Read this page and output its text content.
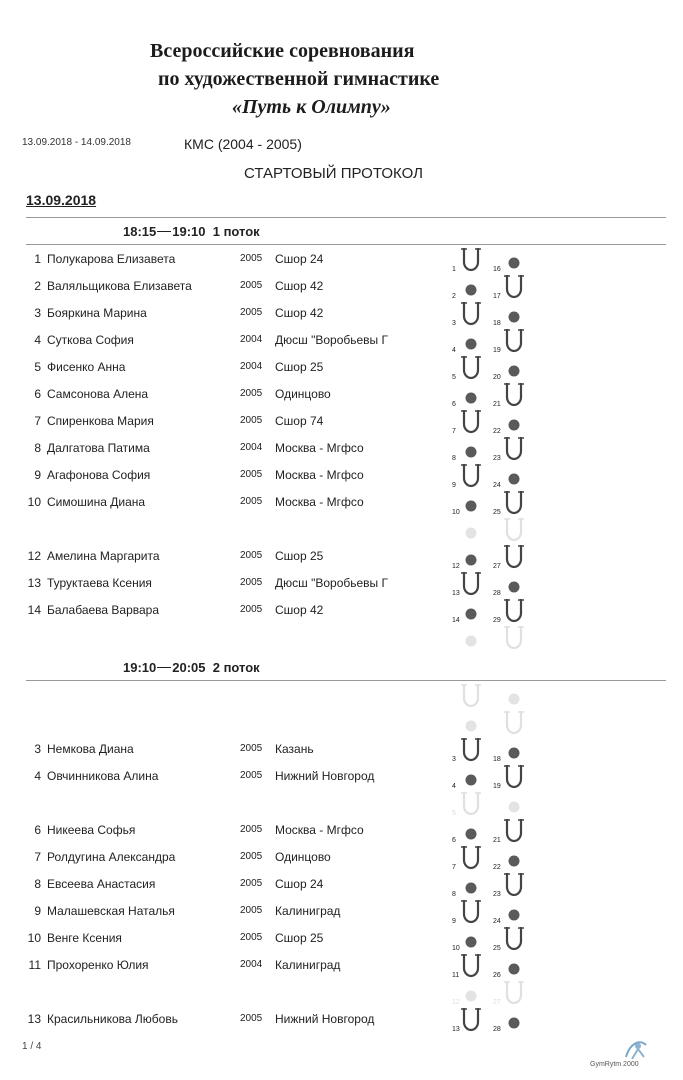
Всероссийские соревнования
по художественной гимнастике
«Путь к Олимпу»
13.09.2018 - 14.09.2018	КМС (2004 - 2005)
СТАРТОВЫЙ ПРОТОКОЛ
13.09.2018
18:15 19:10 1 поток
19:10 20:05 2 поток
1 Полукарова Елизавета	2005 Сшор 24
1	16
2 Валяльщикова Елизавета	2005 Сшор 42
2	17
3 Бояркина Марина	2005 Сшор 42
3	18
4 Суткова София	2004 Дюсш "Воробьевы Г
4	19
5 Фисенко Анна	2004 Сшор 25
5	20
6 Самсонова Алена	2005 Одинцово
6	21
7 Спиренкова Мария	2005 Сшор 74
7	22
8 Далгатова Патима	2004 Москва - Мгфсо
8	23
9 Агафонова София	2005 Москва - Мгфсо
9	24
10 Симошина Диана	2005 Москва - Мгфсо
10	25
12 Амелина Маргарита	2005 Сшор 25
12	27
13 Туруктаева Ксения	2005 Дюсш "Воробьевы Г
13	28
14 Балабаева Варвара	2005 Сшор 42
14	29
3 Немкова Диана	2005 Казань
3	18
4 Овчинникова Алина	2005 Нижний Новгород
4	19
5
6 Никеева Софья	2005 Москва - Мгфсо
6	21
7 Ролдугина Александра	2005 Одинцово
7	22
8 Евсеева Анастасия	2005 Сшор 24
8	23
9 Малашевская Наталья	2005 Калиниград
9	24
10 Венге Ксения	2005 Сшор 25
10	25
11 Прохоренко Юлия	2004 Калиниград
11	26
12	27
13 Красильникова Любовь	2005 Нижний Новгород
13	28
1 / 4
GymRytm 2000
